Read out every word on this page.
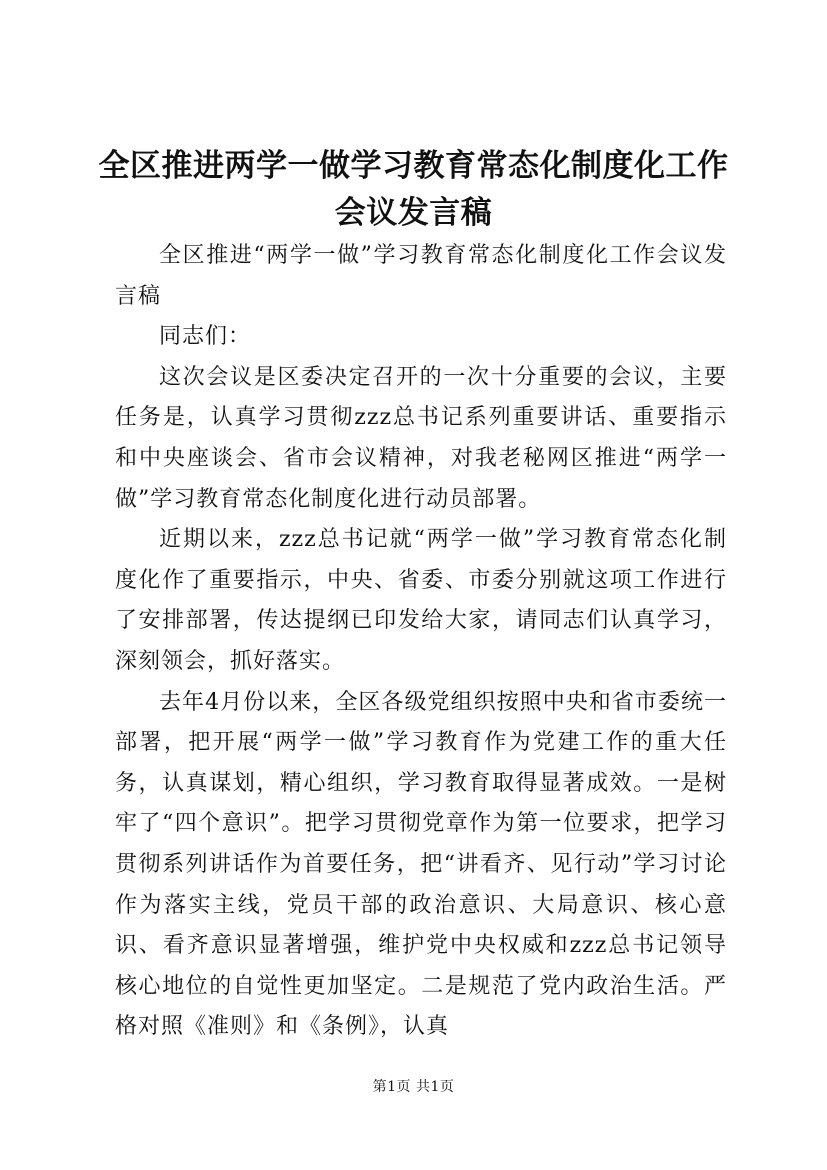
全区推进两学一做学习教育常态化制度化工作
会议发言稿

全区推进“两学一做”学习教育常态化制度化工作会议发言稿

同志们：

这次会议是区委决定召开的一次十分重要的会议，主要任务是，认真学习贯彻zzz总书记系列重要讲话、重要指示和中央座谈会、省市会议精神，对我老秘网区推进“两学一做”学习教育常态化制度化进行动员部署。

近期以来，zzz总书记就“两学一做”学习教育常态化制度化作了重要指示，中央、省委、市委分别就这项工作进行了安排部署，传达提纲已印发给大家，请同志们认真学习，深刻领会，抓好落实。

去年4月份以来，全区各级党组织按照中央和省市委统一部署，把开展“两学一做”学习教育作为党建工作的重大任务，认真谋划，精心组织，学习教育取得显著成效。一是树牢了“四个意识”。把学习贯彻党章作为第一位要求，把学习贯彻系列讲话作为首要任务，把“讲看齐、见行动”学习讨论作为落实主线，党员干部的政治意识、大局意识、核心意识、看齐意识显著增强，维护党中央权威和zzz总书记领导核心地位的自觉性更加坚定。二是规范了党内政治生活。严格对照《准则》和《条例》，认真

第1页 共1页
